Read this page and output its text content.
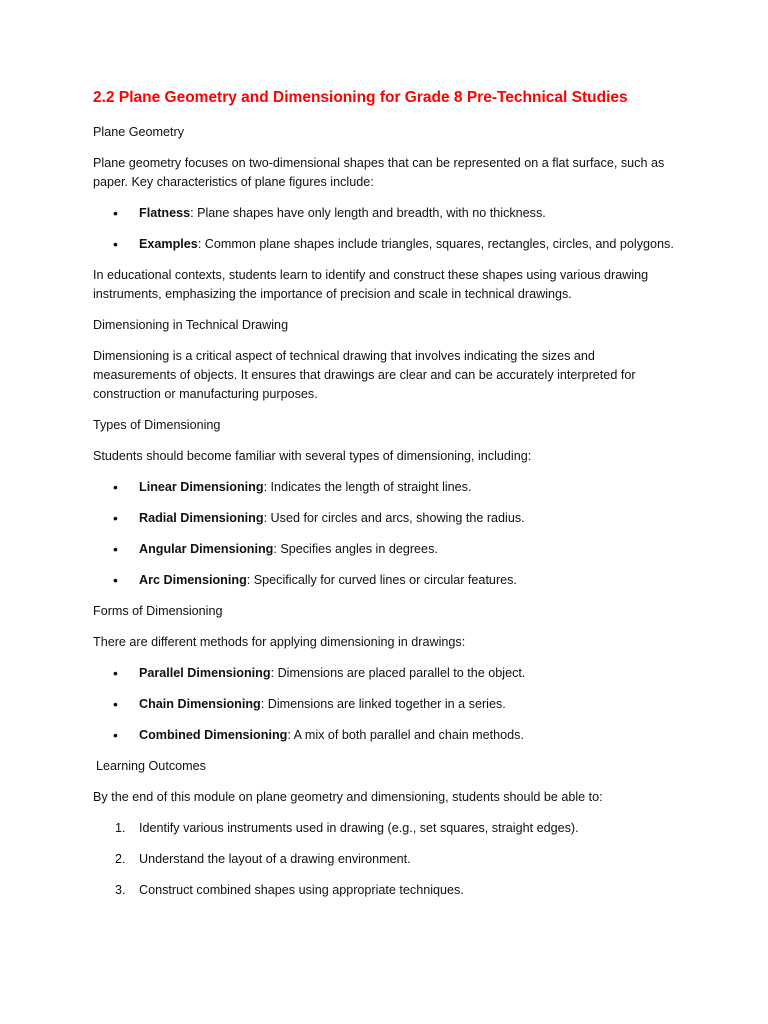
2.2 Plane Geometry and Dimensioning for Grade 8 Pre-Technical Studies

Plane Geometry

Plane geometry focuses on two-dimensional shapes that can be represented on a flat surface, such as paper. Key characteristics of plane figures include:

• Flatness: Plane shapes have only length and breadth, with no thickness.
• Examples: Common plane shapes include triangles, squares, rectangles, circles, and polygons.

In educational contexts, students learn to identify and construct these shapes using various drawing instruments, emphasizing the importance of precision and scale in technical drawings.

Dimensioning in Technical Drawing

Dimensioning is a critical aspect of technical drawing that involves indicating the sizes and measurements of objects. It ensures that drawings are clear and can be accurately interpreted for construction or manufacturing purposes.

Types of Dimensioning

Students should become familiar with several types of dimensioning, including:

• Linear Dimensioning: Indicates the length of straight lines.
• Radial Dimensioning: Used for circles and arcs, showing the radius.
• Angular Dimensioning: Specifies angles in degrees.
• Arc Dimensioning: Specifically for curved lines or circular features.

Forms of Dimensioning

There are different methods for applying dimensioning in drawings:

• Parallel Dimensioning: Dimensions are placed parallel to the object.
• Chain Dimensioning: Dimensions are linked together in a series.
• Combined Dimensioning: A mix of both parallel and chain methods.

Learning Outcomes

By the end of this module on plane geometry and dimensioning, students should be able to:

1. Identify various instruments used in drawing (e.g., set squares, straight edges).
2. Understand the layout of a drawing environment.
3. Construct combined shapes using appropriate techniques.
